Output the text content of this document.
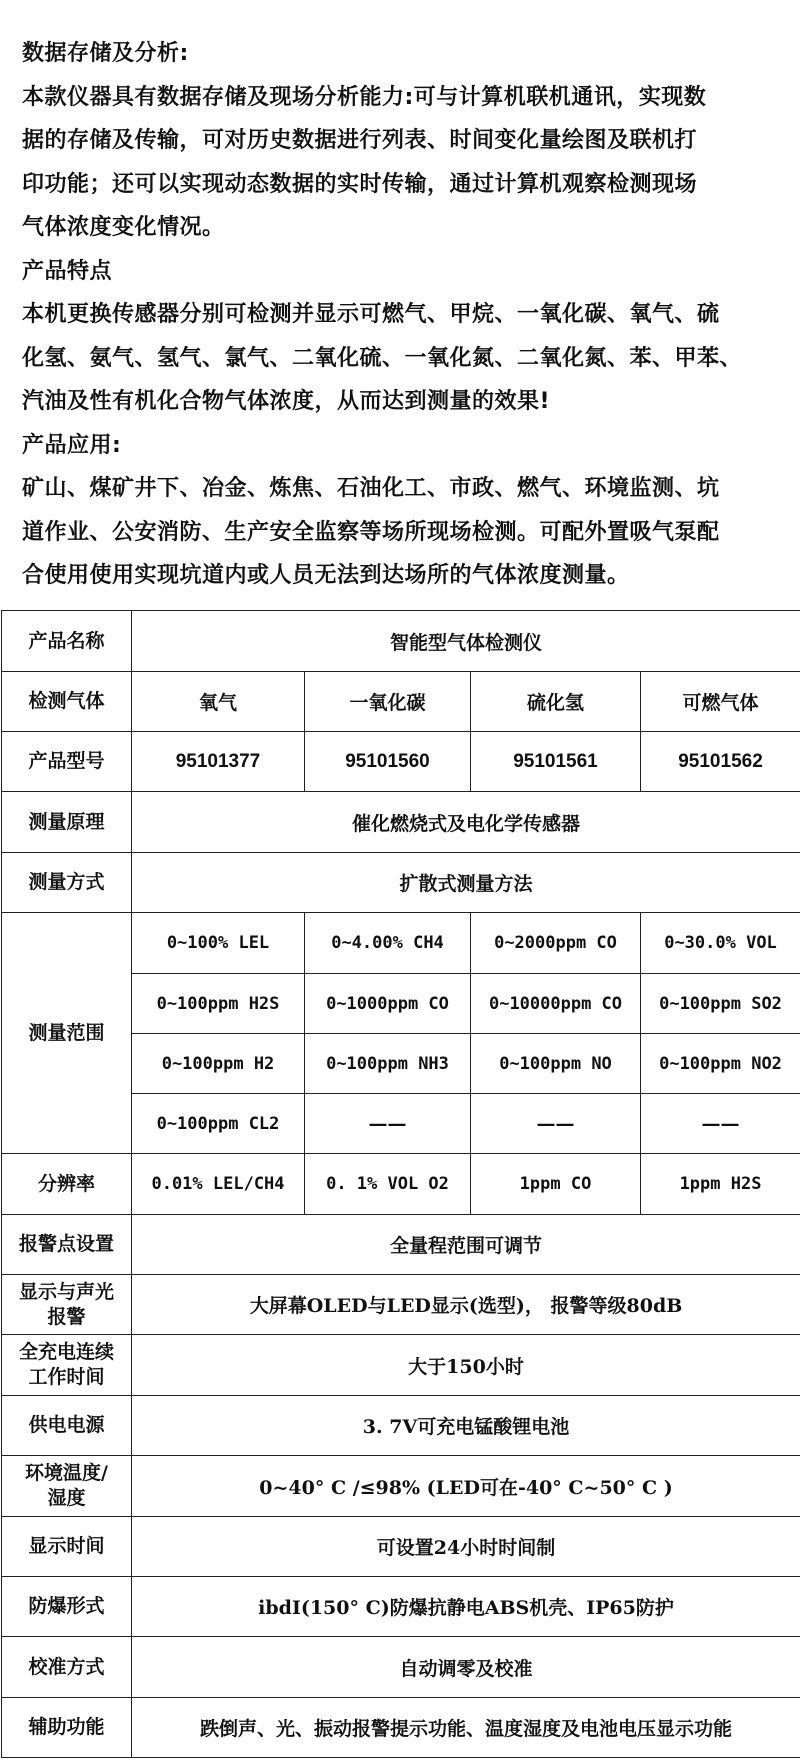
数据存储及分析:

本款仪器具有数据存储及现场分析能力:可与计算机联机通讯，实现数

据的存储及传输，可对历史数据进行列表、时间变化量绘图及联机打

印功能；还可以实现动态数据的实时传输，通过计算机观察检测现场

气体浓度变化情况。

产品特点

本机更换传感器分别可检测并显示可燃气、甲烷、一氧化碳、氧气、硫

化氢、氨气、氢气、氯气、二氧化硫、一氧化氮、二氧化氮、苯、甲苯、

汽油及性有机化合物气体浓度，从而达到测量的效果!

产品应用:

矿山、煤矿井下、冶金、炼焦、石油化工、市政、燃气、环境监测、坑

道作业、公安消防、生产安全监察等场所现场检测。可配外置吸气泵配

合使用使用实现坑道内或人员无法到达场所的气体浓度测量。

产品名称	智能型气体检测仪			
检测气体	氧气	一氧化碳	硫化氢	可燃气体
产品型号	95101377	95101560	95101561	95101562
测量原理	催化燃烧式及电化学传感器			
测量方式	扩散式测量方法			
测量范围	0~100% LEL	0~4.00% CH4	0~2000ppm CO	0~30.0% VOL
	0~100ppm H2S	0~1000ppm CO	0~10000ppm CO	0~100ppm SO2
	0~100ppm H2	0~100ppm NH3	0~100ppm NO	0~100ppm NO2
	0~100ppm CL2	——	——	——
分辨率	0.01% LEL/CH4	0. 1% VOL O2	1ppm CO	1ppm H2S
报警点设置	全量程范围可调节			
显示与声光
报警	大屏幕OLED与LED显示(选型)， 报警等级80dB			
全充电连续
工作时间	大于150小时			
供电电源	3. 7V可充电锰酸锂电池			
环境温度/
湿度	0~40° C /≤98% (LED可在-40° C~50° C )			
显示时间	可设置24小时时间制			
防爆形式	ibdI(150° C)防爆抗静电ABS机壳、IP65防护			
校准方式	自动调零及校准			
辅助功能	跌倒声、光、振动报警提示功能、温度湿度及电池电压显示功能			
